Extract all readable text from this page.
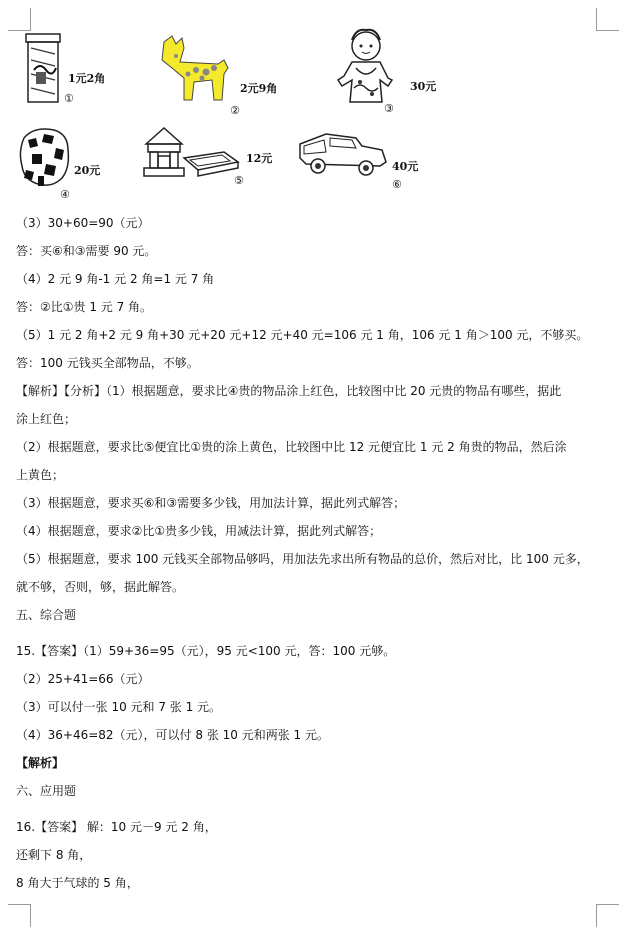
1元2角
①
2元9角
②
30元
③
20元
④
12元
⑤
40元
⑥
（3）30+60=90（元）
答：买⑥和③需要 90 元。
（4）2 元 9 角-1 元 2 角=1 元 7 角
答：②比①贵 1 元 7 角。
（5）1 元 2 角+2 元 9 角+30 元+20 元+12 元+40 元=106 元 1 角，106 元 1 角＞100 元，不够买。
答：100 元钱买全部物品，不够。
【解析】【分析】（1）根据题意，要求比④贵的物品涂上红色，比较图中比 20 元贵的物品有哪些，据此
涂上红色；
（2）根据题意，要求比⑤便宜比①贵的涂上黄色，比较图中比 12 元便宜比 1 元 2 角贵的物品，然后涂
上黄色；
（3）根据题意，要求买⑥和③需要多少钱，用加法计算，据此列式解答；
（4）根据题意，要求②比①贵多少钱，用减法计算，据此列式解答；
（5）根据题意，要求 100 元钱买全部物品够吗，用加法先求出所有物品的总价，然后对比，比 100 元多，
就不够，否则，够，据此解答。
五、综合题
15.【答案】（1）59+36=95（元），95 元<100 元，答：100 元够。
（2）25+41=66（元）
（3）可以付一张 10 元和 7 张 1 元。
（4）36+46=82（元），可以付 8 张 10 元和两张 1 元。
【解析】
六、应用题
16.【答案】 解：10 元－9 元 2 角，
还剩下 8 角，
8 角大于气球的 5 角，
